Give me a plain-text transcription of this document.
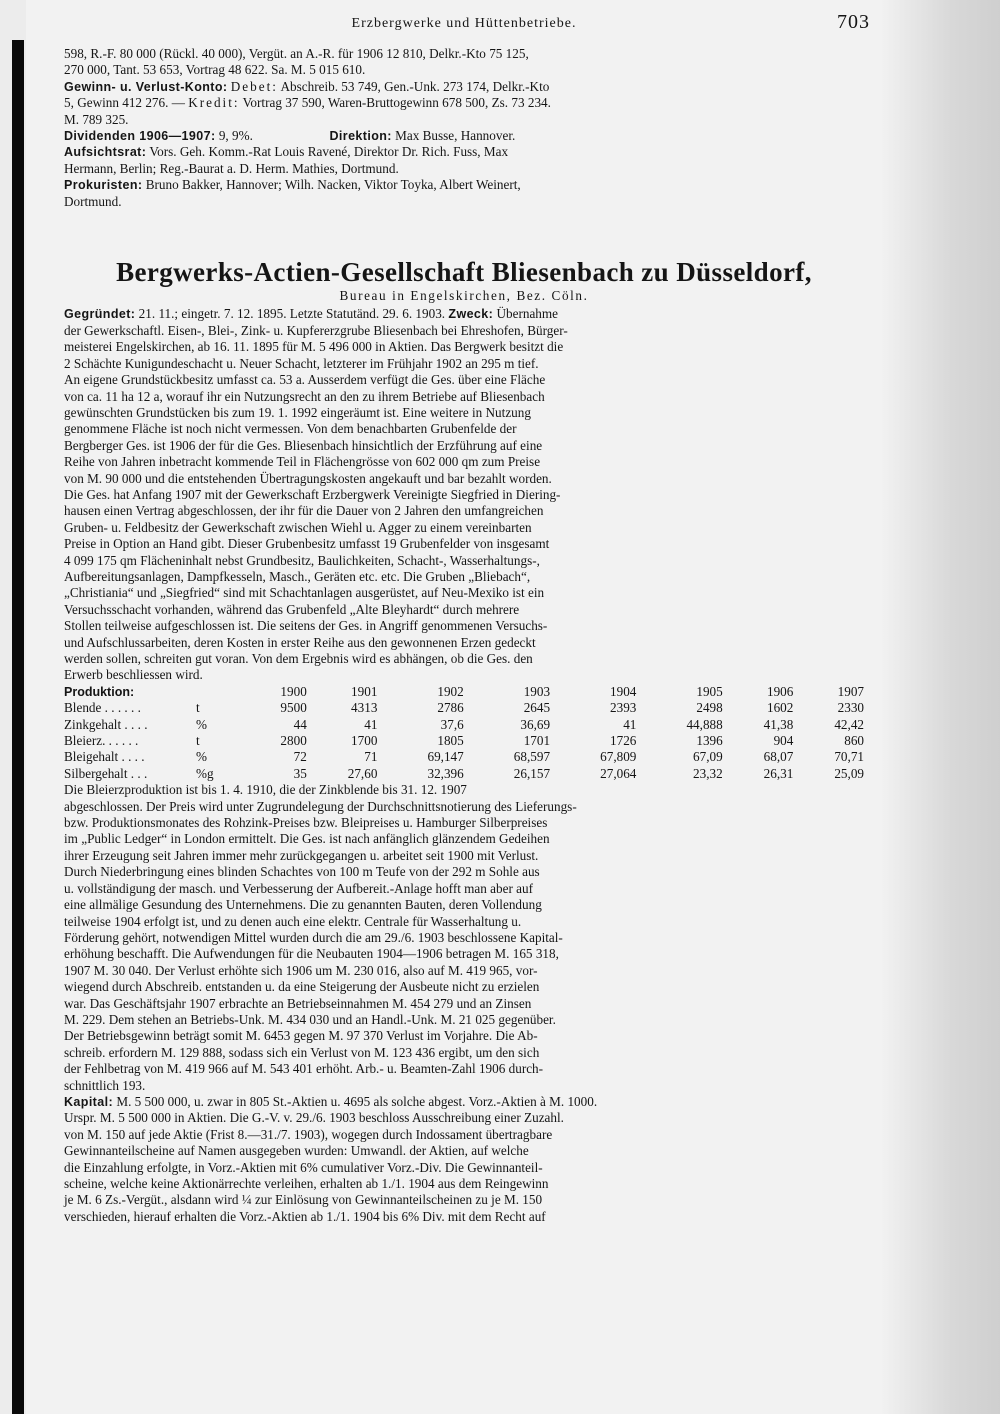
Erzbergwerke und Hüttenbetriebe.	703

598, R.-F. 80 000 (Rückl. 40 000), Vergüt. an A.-R. für 1906 12 810, Delkr.-Kto 75 125,

270 000, Tant. 53 653, Vortrag 48 622. Sa. M. 5 015 610.

Gewinn- u. Verlust-Konto: Debet: Abschreib. 53 749, Gen.-Unk. 273 174, Delkr.-Kto

5, Gewinn 412 276. — Kredit: Vortrag 37 590, Waren-Bruttogewinn 678 500, Zs. 73 234.

M. 789 325.

Dividenden 1906—1907: 9, 9%.	Direktion: Max Busse, Hannover.

Aufsichtsrat: Vors. Geh. Komm.-Rat Louis Ravené, Direktor Dr. Rich. Fuss, Max

Hermann, Berlin; Reg.-Baurat a. D. Herm. Mathies, Dortmund.

Prokuristen: Bruno Bakker, Hannover; Wilh. Nacken, Viktor Toyka, Albert Weinert,

Dortmund.

Bergwerks-Actien-Gesellschaft Bliesenbach zu Düsseldorf,
Bureau in Engelskirchen, Bez. Cöln.

Gegründet: 21. 11.; eingetr. 7. 12. 1895. Letzte Statutänd. 29. 6. 1903. Zweck: Übernahme

der Gewerkschaftl. Eisen-, Blei-, Zink- u. Kupfererzgrube Bliesenbach bei Ehreshofen, Bürger-

meisterei Engelskirchen, ab 16. 11. 1895 für M. 5 496 000 in Aktien. Das Bergwerk besitzt die

2 Schächte Kunigundeschacht u. Neuer Schacht, letzterer im Frühjahr 1902 an 295 m tief.

An eigene Grundstückbesitz umfasst ca. 53 a. Ausserdem verfügt die Ges. über eine Fläche

von ca. 11 ha 12 a, worauf ihr ein Nutzungsrecht an den zu ihrem Betriebe auf Bliesenbach

gewünschten Grundstücken bis zum 19. 1. 1992 eingeräumt ist. Eine weitere in Nutzung

genommene Fläche ist noch nicht vermessen. Von dem benachbarten Grubenfelde der

Bergberger Ges. ist 1906 der für die Ges. Bliesenbach hinsichtlich der Erzführung auf eine

Reihe von Jahren inbetracht kommende Teil in Flächengrösse von 602 000 qm zum Preise

von M. 90 000 und die entstehenden Übertragungskosten angekauft und bar bezahlt worden.

Die Ges. hat Anfang 1907 mit der Gewerkschaft Erzbergwerk Vereinigte Siegfried in Diering-

hausen einen Vertrag abgeschlossen, der ihr für die Dauer von 2 Jahren den umfangreichen

Gruben- u. Feldbesitz der Gewerkschaft zwischen Wiehl u. Agger zu einem vereinbarten

Preise in Option an Hand gibt. Dieser Grubenbesitz umfasst 19 Grubenfelder von insgesamt

4 099 175 qm Flächeninhalt nebst Grundbesitz, Baulichkeiten, Schacht-, Wasserhaltungs-,

Aufbereitungsanlagen, Dampfkesseln, Masch., Geräten etc. etc. Die Gruben „Bliebach“,

„Christiania“ und „Siegfried“ sind mit Schachtanlagen ausgerüstet, auf Neu-Mexiko ist ein

Versuchsschacht vorhanden, während das Grubenfeld „Alte Bleyhardt“ durch mehrere

Stollen teilweise aufgeschlossen ist. Die seitens der Ges. in Angriff genommenen Versuchs-

und Aufschlussarbeiten, deren Kosten in erster Reihe aus den gewonnenen Erzen gedeckt

werden sollen, schreiten gut voran. Von dem Ergebnis wird es abhängen, ob die Ges. den

Erwerb beschliessen wird.

Produktion:		1900	1901	1902	1903	1904	1905	1906	1907
Blende . . . . . .	t	9500	4313	2786	2645	2393	2498	1602	2330
Zinkgehalt . . . .	%	44	41	37,6	36,69	41	44,888	41,38	42,42
Bleierz. . . . . .	t	2800	1700	1805	1701	1726	1396	904	860
Bleigehalt . . . .	%	72	71	69,147	68,597	67,809	67,09	68,07	70,71
Silbergehalt . . .	%g	35	27,60	32,396	26,157	27,064	23,32	26,31	25,09

Die Bleierzproduktion ist bis 1. 4. 1910, die der Zinkblende bis 31. 12. 1907

abgeschlossen. Der Preis wird unter Zugrundelegung der Durchschnittsnotierung des Lieferungs-

bzw. Produktionsmonates des Rohzink-Preises bzw. Bleipreises u. Hamburger Silberpreises

im „Public Ledger“ in London ermittelt. Die Ges. ist nach anfänglich glänzendem Gedeihen

ihrer Erzeugung seit Jahren immer mehr zurückgegangen u. arbeitet seit 1900 mit Verlust.

Durch Niederbringung eines blinden Schachtes von 100 m Teufe von der 292 m Sohle aus

u. vollständigung der masch. und Verbesserung der Aufbereit.-Anlage hofft man aber auf

eine allmälige Gesundung des Unternehmens. Die zu genannten Bauten, deren Vollendung

teilweise 1904 erfolgt ist, und zu denen auch eine elektr. Centrale für Wasserhaltung u.

Förderung gehört, notwendigen Mittel wurden durch die am 29./6. 1903 beschlossene Kapital-

erhöhung beschafft. Die Aufwendungen für die Neubauten 1904—1906 betragen M. 165 318,

1907 M. 30 040. Der Verlust erhöhte sich 1906 um M. 230 016, also auf M. 419 965, vor-

wiegend durch Abschreib. entstanden u. da eine Steigerung der Ausbeute nicht zu erzielen

war. Das Geschäftsjahr 1907 erbrachte an Betriebseinnahmen M. 454 279 und an Zinsen

M. 229. Dem stehen an Betriebs-Unk. M. 434 030 und an Handl.-Unk. M. 21 025 gegenüber.

Der Betriebsgewinn beträgt somit M. 6453 gegen M. 97 370 Verlust im Vorjahre. Die Ab-

schreib. erfordern M. 129 888, sodass sich ein Verlust von M. 123 436 ergibt, um den sich

der Fehlbetrag von M. 419 966 auf M. 543 401 erhöht. Arb.- u. Beamten-Zahl 1906 durch-

schnittlich 193.

Kapital: M. 5 500 000, u. zwar in 805 St.-Aktien u. 4695 als solche abgest. Vorz.-Aktien à M. 1000.

Urspr. M. 5 500 000 in Aktien. Die G.-V. v. 29./6. 1903 beschloss Ausschreibung einer Zuzahl.

von M. 150 auf jede Aktie (Frist 8.—31./7. 1903), wogegen durch Indossament übertragbare

Gewinnanteilscheine auf Namen ausgegeben wurden: Umwandl. der Aktien, auf welche

die Einzahlung erfolgte, in Vorz.-Aktien mit 6% cumulativer Vorz.-Div. Die Gewinnanteil-

scheine, welche keine Aktionärrechte verleihen, erhalten ab 1./1. 1904 aus dem Reingewinn

je M. 6 Zs.-Vergüt., alsdann wird ¼ zur Einlösung von Gewinnanteilscheinen zu je M. 150

verschieden, hierauf erhalten die Vorz.-Aktien ab 1./1. 1904 bis 6% Div. mit dem Recht auf
